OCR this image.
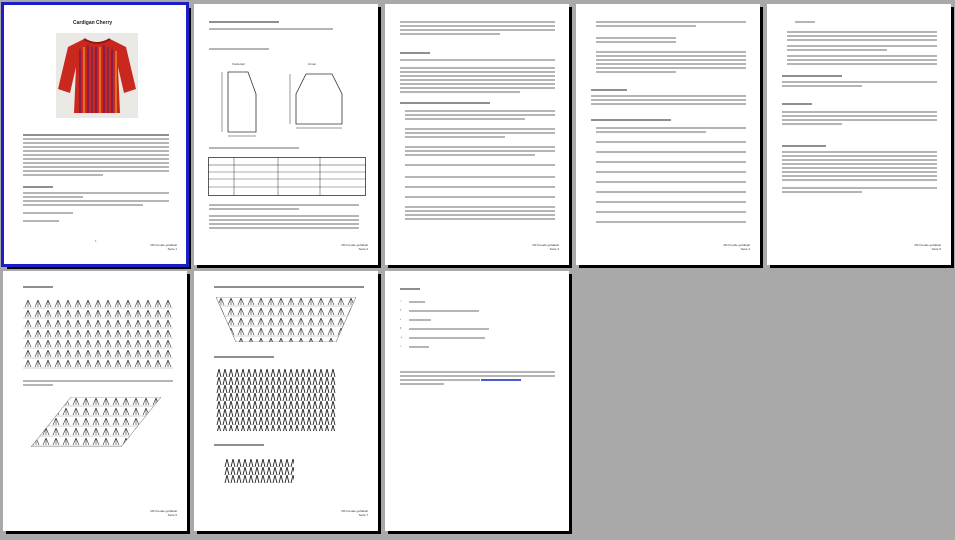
Cardigan Cherry
Mit Freude gehäkelt
Seite 1
1
Vorderteil	Ärmel
Mit Freude gehäkelt
Seite 2
Mit Freude gehäkelt
Seite 3
Mit Freude gehäkelt
Seite 4
Mit Freude gehäkelt
Seite 5
Mit Freude gehäkelt
Seite 6
Mit Freude gehäkelt
Seite 7
○
†
•
‡
⊥
∴
